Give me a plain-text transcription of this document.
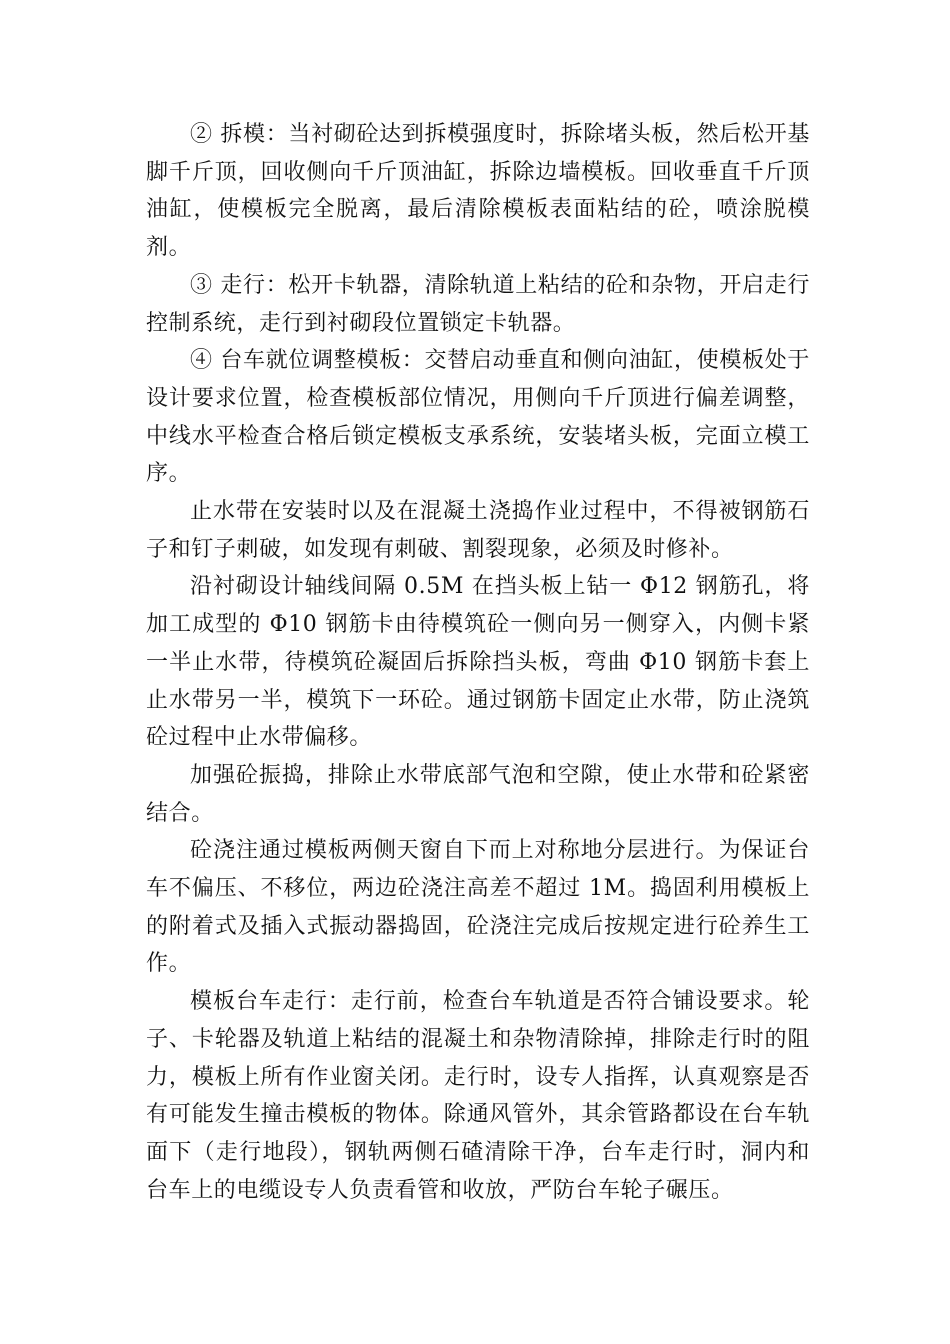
② 拆模：当衬砌砼达到拆模强度时，拆除堵头板，然后松开基脚千斤顶，回收侧向千斤顶油缸，拆除边墙模板。回收垂直千斤顶油缸，使模板完全脱离，最后清除模板表面粘结的砼，喷涂脱模剂。

③ 走行：松开卡轨器，清除轨道上粘结的砼和杂物，开启走行控制系统，走行到衬砌段位置锁定卡轨器。

④ 台车就位调整模板：交替启动垂直和侧向油缸，使模板处于设计要求位置，检查模板部位情况，用侧向千斤顶进行偏差调整，中线水平检查合格后锁定模板支承系统，安装堵头板，完面立模工序。

止水带在安装时以及在混凝土浇捣作业过程中，不得被钢筋石子和钉子刺破，如发现有刺破、割裂现象，必须及时修补。

沿衬砌设计轴线间隔 0.5M 在挡头板上钻一 Φ12 钢筋孔，将加工成型的 Φ10 钢筋卡由待模筑砼一侧向另一侧穿入，内侧卡紧一半止水带，待模筑砼凝固后拆除挡头板，弯曲 Φ10 钢筋卡套上止水带另一半，模筑下一环砼。通过钢筋卡固定止水带，防止浇筑砼过程中止水带偏移。

加强砼振捣，排除止水带底部气泡和空隙，使止水带和砼紧密结合。

砼浇注通过模板两侧天窗自下而上对称地分层进行。为保证台车不偏压、不移位，两边砼浇注高差不超过 1M。捣固利用模板上的附着式及插入式振动器捣固，砼浇注完成后按规定进行砼养生工作。

模板台车走行：走行前，检查台车轨道是否符合铺设要求。轮子、卡轮器及轨道上粘结的混凝土和杂物清除掉，排除走行时的阻力，模板上所有作业窗关闭。走行时，设专人指挥，认真观察是否有可能发生撞击模板的物体。除通风管外，其余管路都设在台车轨面下（走行地段），钢轨两侧石碴清除干净，台车走行时，洞内和台车上的电缆设专人负责看管和收放，严防台车轮子碾压。
